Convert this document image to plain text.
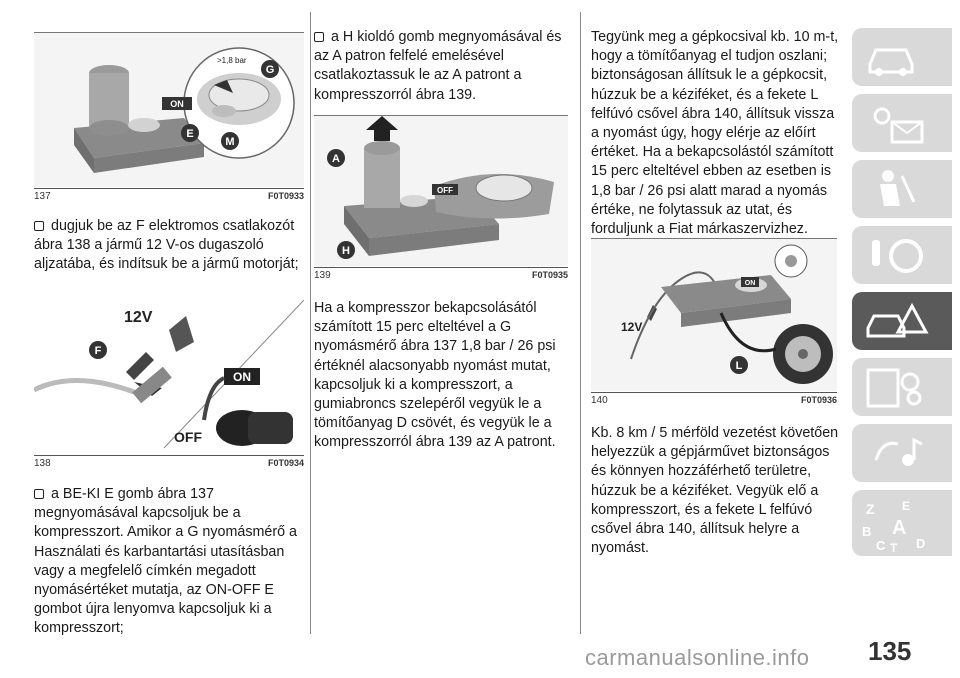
ON
>1,8 bar
G
E
M
137	F0T0933
dugjuk be az F elektromos csatlakozót ábra 138 a jármű 12 V-os dugaszoló aljzatába, és indítsuk be a jármű motorját;
12V
F
ON
OFF
138	F0T0934
a BE-KI E gomb ábra 137 megnyomásával kapcsoljuk be a kompresszort. Amikor a G nyomásmérő a Használati és karbantartási utasításban vagy a megfelelő címkén megadott nyomásértéket mutatja, az ON-OFF E gombot újra lenyomva kapcsoljuk ki a kompresszort;
a H kioldó gomb megnyomásával és az A patron felfelé emelésével csatlakoztassuk le az A patront a kompresszorról ábra 139.
OFF
A
H
139	F0T0935
Ha a kompresszor bekapcsolásától számított 15 perc elteltével a G nyomásmérő ábra 137 1,8 bar / 26 psi értéknél alacsonyabb nyomást mutat, kapcsoljuk ki a kompresszort, a gumiabroncs szelepéről vegyük le a tömítőanyag D csövét, és vegyük le a kompresszorról ábra 139 az A patront.
Tegyünk meg a gépkocsival kb. 10 m-t, hogy a tömítőanyag el tudjon oszlani; biztonságosan állítsuk le a gépkocsit, húzzuk be a kéziféket, és a fekete L felfúvó csővel ábra 140, állítsuk vissza a nyomást úgy, hogy elérje az előírt értéket. Ha a bekapcsolástól számított 15 perc elteltével ebben az esetben is 1,8 bar / 26 psi alatt marad a nyomás értéke, ne folytassuk az utat, és forduljunk a Fiat márkaszervizhez.
12V
ON
L
140	F0T0936
Kb. 8 km / 5 mérföld vezetést követően helyezzük a gépjárművet biztonságos és könnyen hozzáférhető területre, húzzuk be a kéziféket. Vegyük elő a kompresszort, és a fekete L felfúvó csővel ábra 140, állítsuk helyre a nyomást.
Z E
B A
C T D
135
carmanualsonline.info
